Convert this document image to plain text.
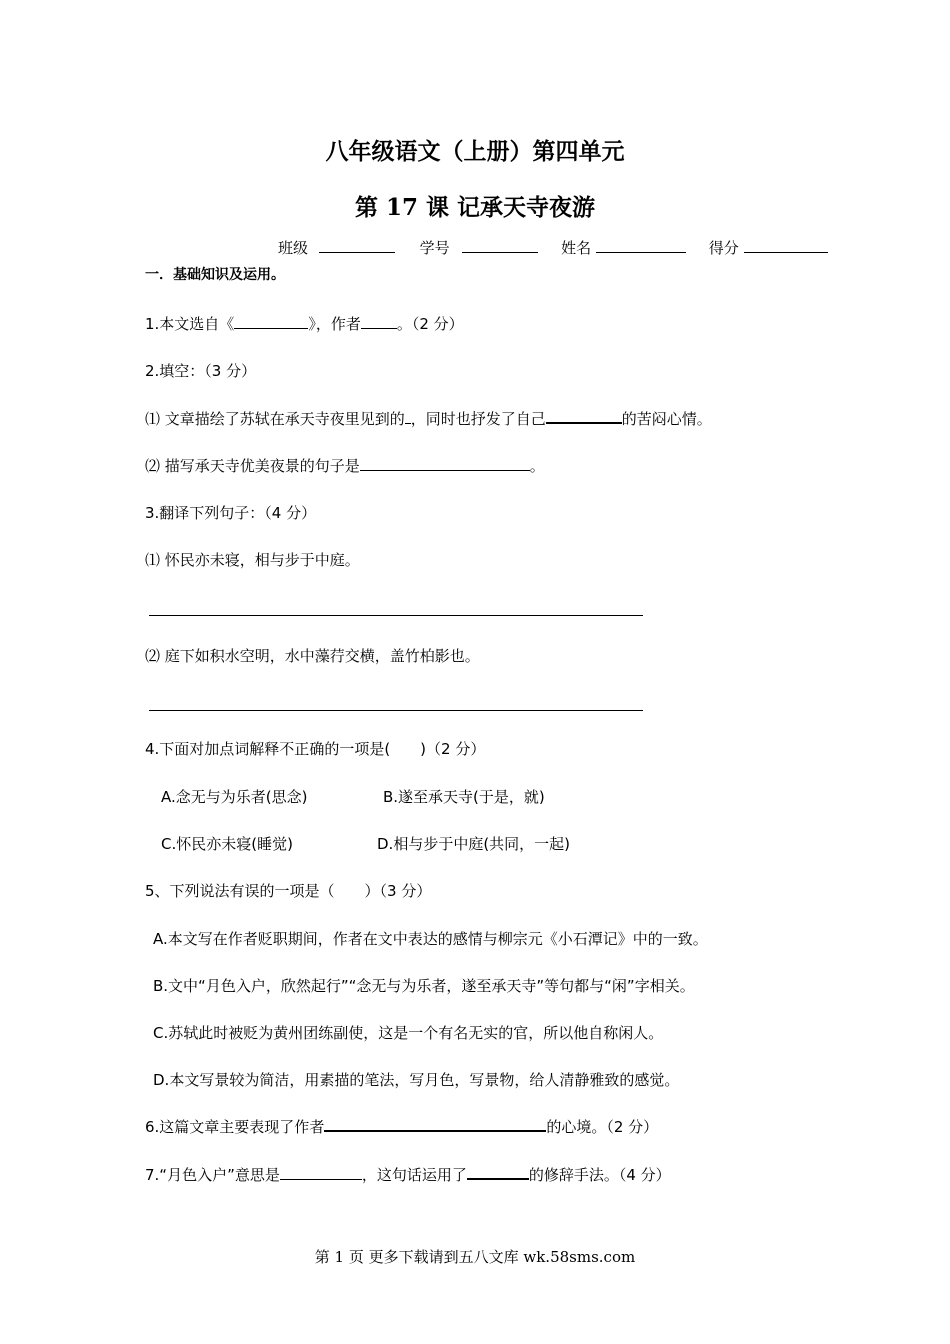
八年级语文（上册）第四单元
第 17 课 记承天寺夜游
班级	学号	姓名	得分
一．基础知识及运用。
1.本文选自《	》，作者 。（2 分）
2.填空：（3 分）
⑴ 文章描绘了苏轼在承天寺夜里见到的 ，同时也抒发了自己	的苦闷心情。
⑵ 描写承天寺优美夜景的句子是	。
3.翻译下列句子：（4 分）
⑴ 怀民亦未寝，相与步于中庭。
⑵ 庭下如积水空明，水中藻荇交横，盖竹柏影也。
4.下面对加点词解释不正确的一项是(　　)（2 分）
A.念无与为乐者(思念)	B.遂至承天寺(于是，就)
C.怀民亦未寝(睡觉)	D.相与步于中庭(共同，一起)
5、下列说法有误的一项是（　　）（3 分）
A.本文写在作者贬职期间，作者在文中表达的感情与柳宗元《小石潭记》中的一致。
B.文中“月色入户，欣然起行”“念无与为乐者，遂至承天寺”等句都与“闲”字相关。
C.苏轼此时被贬为黄州团练副使，这是一个有名无实的官，所以他自称闲人。
D.本文写景较为简洁，用素描的笔法，写月色，写景物，给人清静雅致的感觉。
6.这篇文章主要表现了作者	的心境。（2 分）
7.“月色入户”意思是	，这句话运用了	的修辞手法。（4 分）
第 1 页 更多下载请到五八文库 wk.58sms.com
